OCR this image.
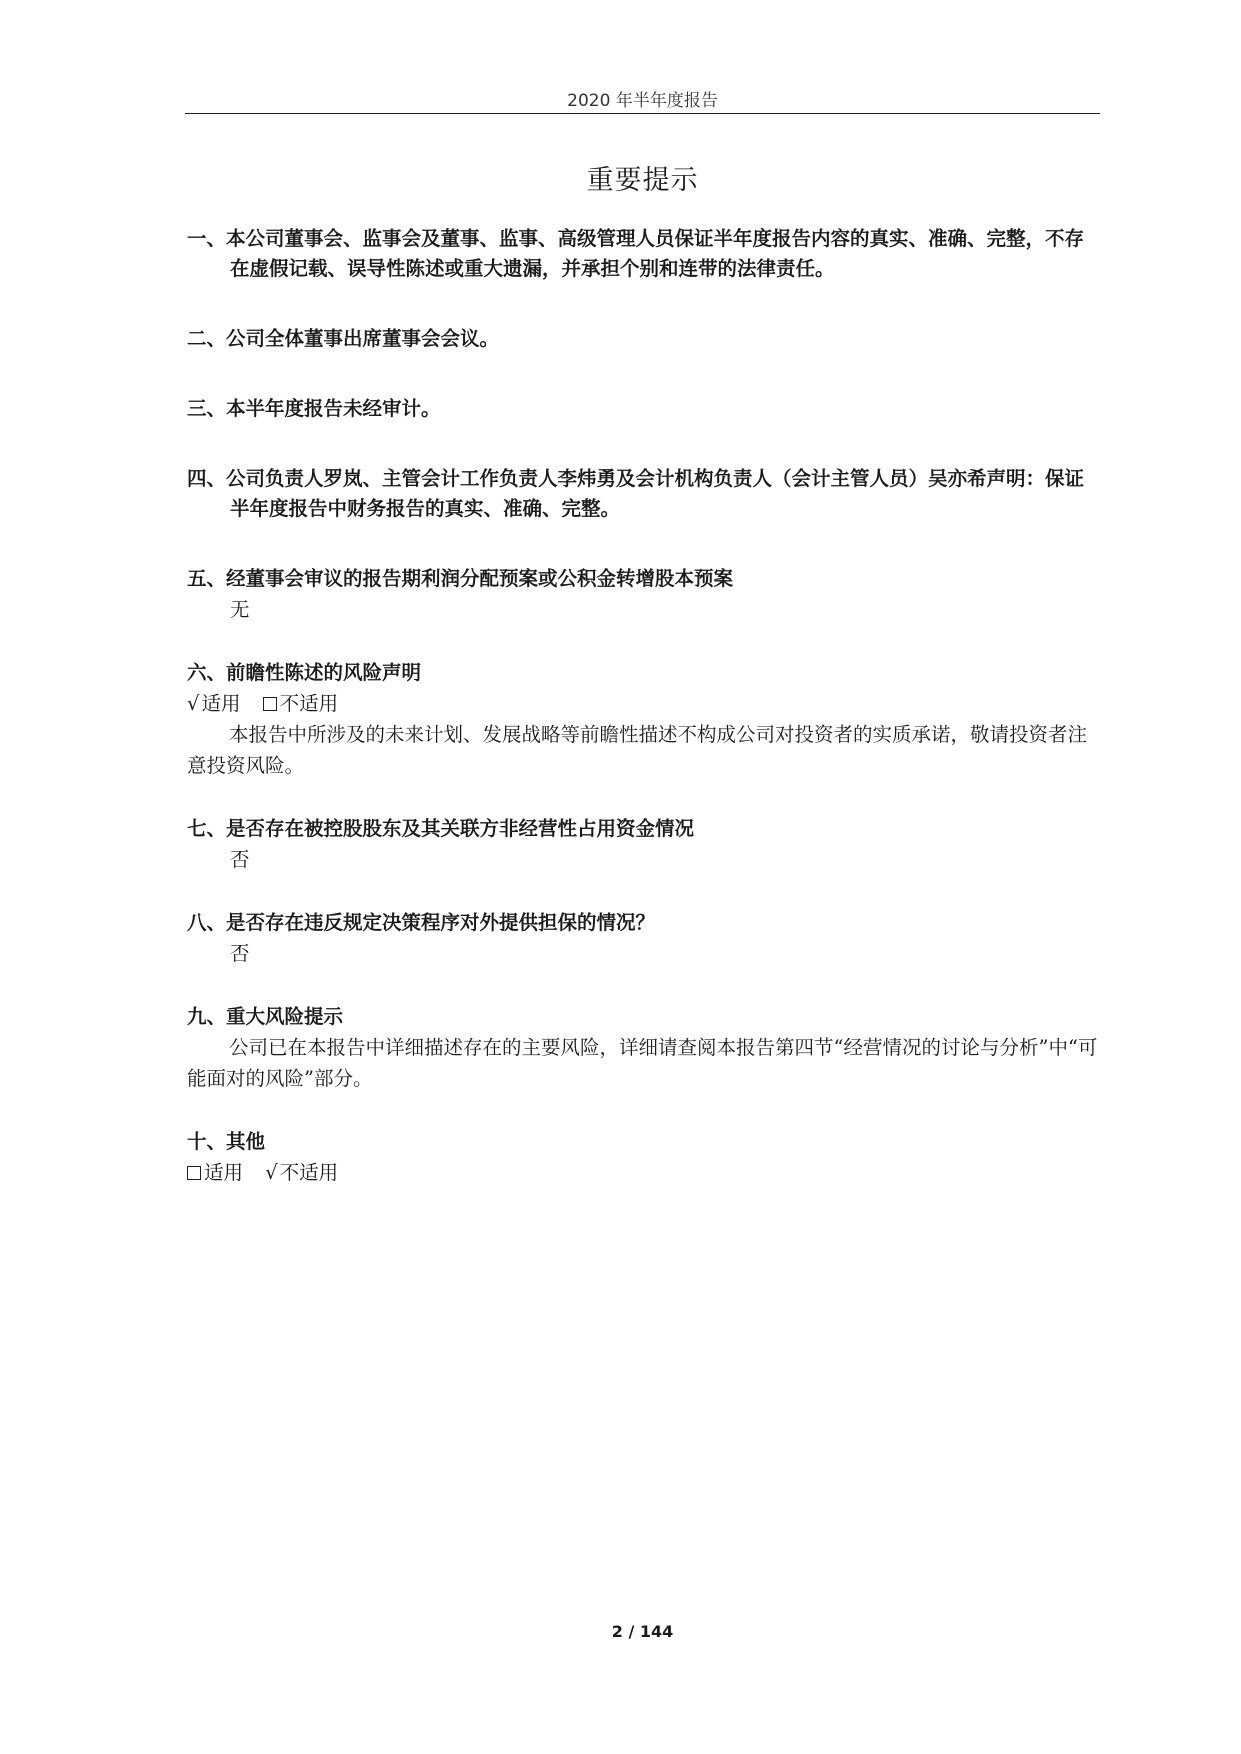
2020 年半年度报告
重要提示

一、本公司董事会、监事会及董事、监事、高级管理人员保证半年度报告内容的真实、准确、完整，不存在虚假记载、误导性陈述或重大遗漏，并承担个别和连带的法律责任。

二、公司全体董事出席董事会会议。

三、本半年度报告未经审计。

四、公司负责人罗岚、主管会计工作负责人李炜勇及会计机构负责人（会计主管人员）吴亦希声明：保证半年度报告中财务报告的真实、准确、完整。

五、经董事会审议的报告期利润分配预案或公积金转增股本预案

无

六、前瞻性陈述的风险声明

√ 适用 不适用

本报告中所涉及的未来计划、发展战略等前瞻性描述不构成公司对投资者的实质承诺，敬请投资者注意投资风险。

七、是否存在被控股股东及其关联方非经营性占用资金情况

否

八、是否存在违反规定决策程序对外提供担保的情况？

否

九、重大风险提示

公司已在本报告中详细描述存在的主要风险，详细请查阅本报告第四节“经营情况的讨论与分析”中“可能面对的风险”部分。

十、其他

适用 √ 不适用

2 / 144
